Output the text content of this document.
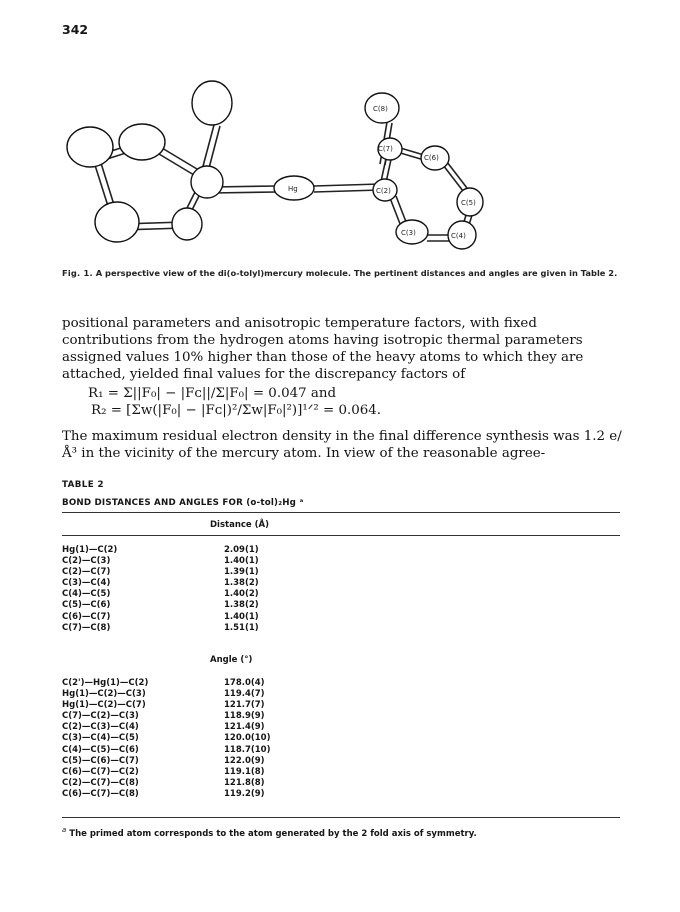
342
Hg
C(8)
C(7)
C(6)
C(2)
C(5)
C(3)	C(4)
Fig. 1. A perspective view of the di(o-tolyl)mercury molecule. The pertinent distances and angles are given in Table 2.
positional parameters and anisotropic temperature factors, with fixed contributions from the hydrogen atoms having isotropic thermal parameters assigned values 10% higher than those of the heavy atoms to which they are attached, yielded final values for the discrepancy factors of
R₁ = Σ||F₀| − |Fᴄ||/Σ|F₀| = 0.047 and
R₂ = [Σw(|F₀| − |Fᴄ|)²/Σw|F₀|²)]¹ᐟ² = 0.064.
The maximum residual electron density in the final difference synthesis was 1.2 e/Å³ in the vicinity of the mercury atom. In view of the reasonable agree-
TABLE 2
BOND DISTANCES AND ANGLES FOR (o-tol)₂Hg ᵃ
Distance (Å)
Hg(1)—C(2)	2.09(1)
C(2)—C(3)	1.40(1)
C(2)—C(7)	1.39(1)
C(3)—C(4)	1.38(2)
C(4)—C(5)	1.40(2)
C(5)—C(6)	1.38(2)
C(6)—C(7)	1.40(1)
C(7)—C(8)	1.51(1)
Angle (°)
C(2')—Hg(1)—C(2)	178.0(4)
Hg(1)—C(2)—C(3)	119.4(7)
Hg(1)—C(2)—C(7)	121.7(7)
C(7)—C(2)—C(3)	118.9(9)
C(2)—C(3)—C(4)	121.4(9)
C(3)—C(4)—C(5)	120.0(10)
C(4)—C(5)—C(6)	118.7(10)
C(5)—C(6)—C(7)	122.0(9)
C(6)—C(7)—C(2)	119.1(8)
C(2)—C(7)—C(8)	121.8(8)
C(6)—C(7)—C(8)	119.2(9)
$^a$ The primed atom corresponds to the atom generated by the 2 fold axis of symmetry.
